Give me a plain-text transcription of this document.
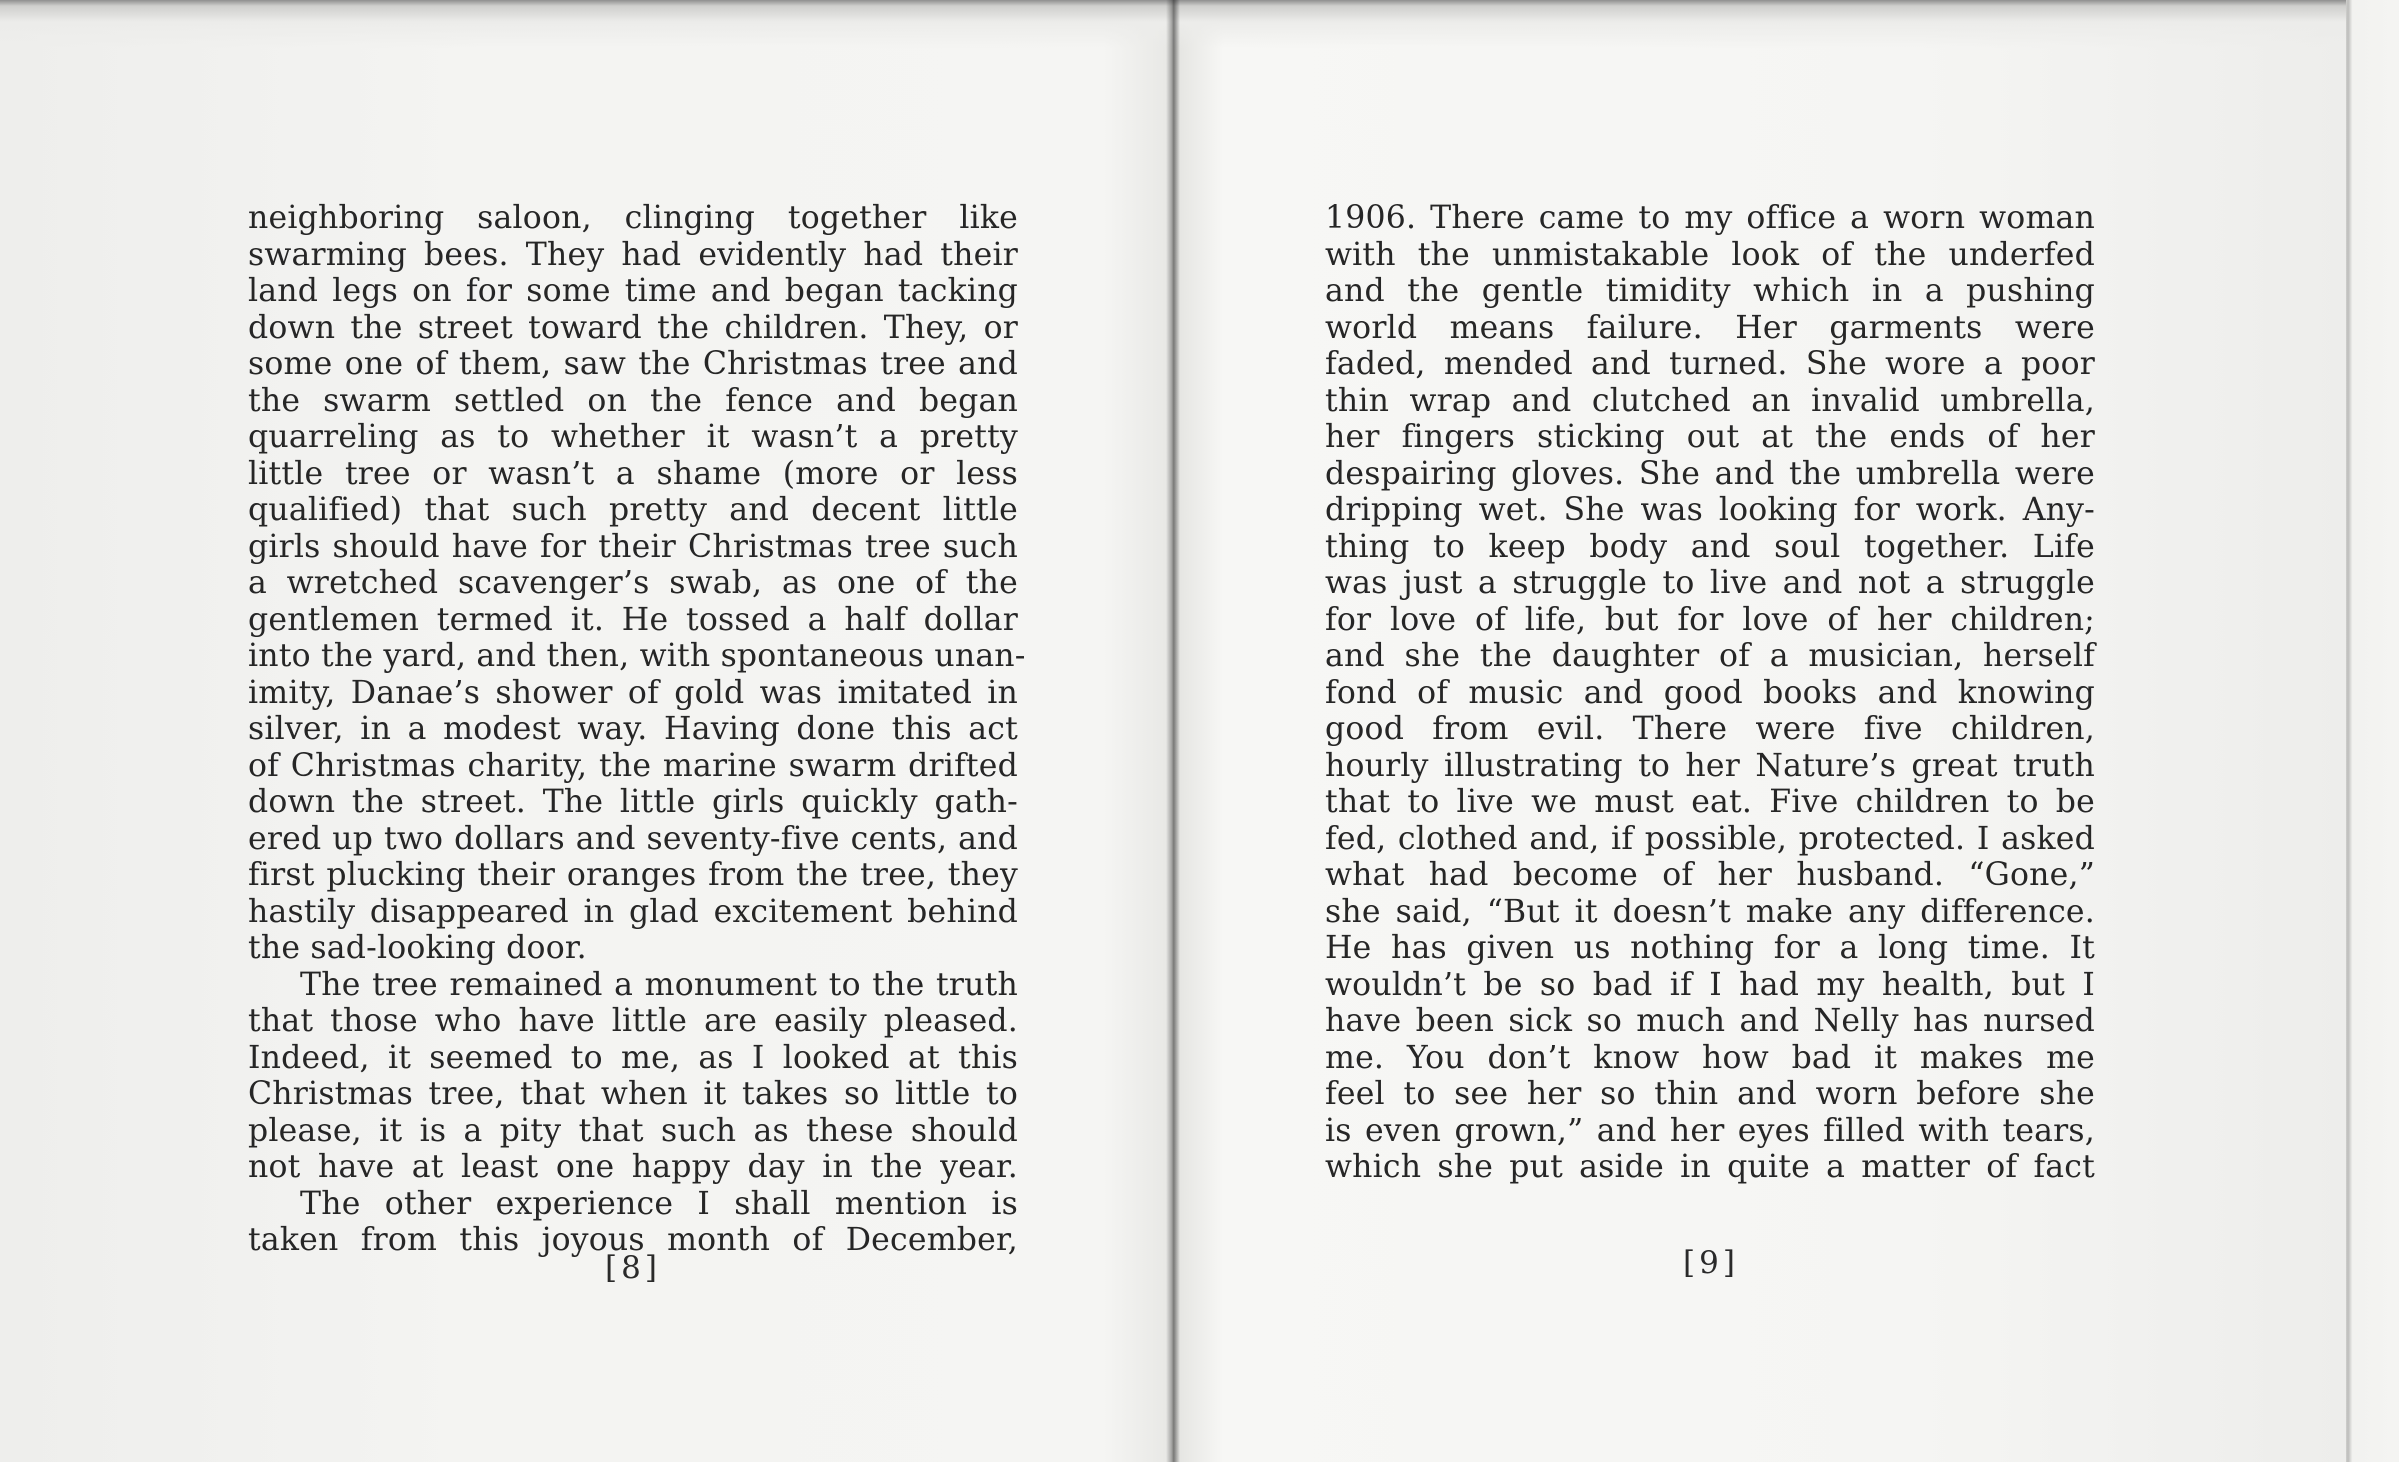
neighboring saloon, clinging together like
swarming bees. They had evidently had their
land legs on for some time and began tacking
down the street toward the children. They, or
some one of them, saw the Christmas tree and
the swarm settled on the fence and began
quarreling as to whether it wasn’t a pretty
little tree or wasn’t a shame (more or less
qualified) that such pretty and decent little
girls should have for their Christmas tree such
a wretched scavenger’s swab, as one of the
gentlemen termed it. He tossed a half dollar
into the yard, and then, with spontaneous unan-
imity, Danae’s shower of gold was imitated in
silver, in a modest way. Having done this act
of Christmas charity, the marine swarm drifted
down the street. The little girls quickly gath-
ered up two dollars and seventy-five cents, and
first plucking their oranges from the tree, they
hastily disappeared in glad excitement behind
the sad-looking door.
The tree remained a monument to the truth
that those who have little are easily pleased.
Indeed, it seemed to me, as I looked at this
Christmas tree, that when it takes so little to
please, it is a pity that such as these should
not have at least one happy day in the year.
The other experience I shall mention is
taken from this joyous month of December,
[8]
1906. There came to my office a worn woman
with the unmistakable look of the underfed
and the gentle timidity which in a pushing
world means failure. Her garments were
faded, mended and turned. She wore a poor
thin wrap and clutched an invalid umbrella,
her fingers sticking out at the ends of her
despairing gloves. She and the umbrella were
dripping wet. She was looking for work. Any-
thing to keep body and soul together. Life
was just a struggle to live and not a struggle
for love of life, but for love of her children;
and she the daughter of a musician, herself
fond of music and good books and knowing
good from evil. There were five children,
hourly illustrating to her Nature’s great truth
that to live we must eat. Five children to be
fed, clothed and, if possible, protected. I asked
what had become of her husband. “Gone,”
she said, “But it doesn’t make any difference.
He has given us nothing for a long time. It
wouldn’t be so bad if I had my health, but I
have been sick so much and Nelly has nursed
me. You don’t know how bad it makes me
feel to see her so thin and worn before she
is even grown,” and her eyes filled with tears,
which she put aside in quite a matter of fact
[9]
